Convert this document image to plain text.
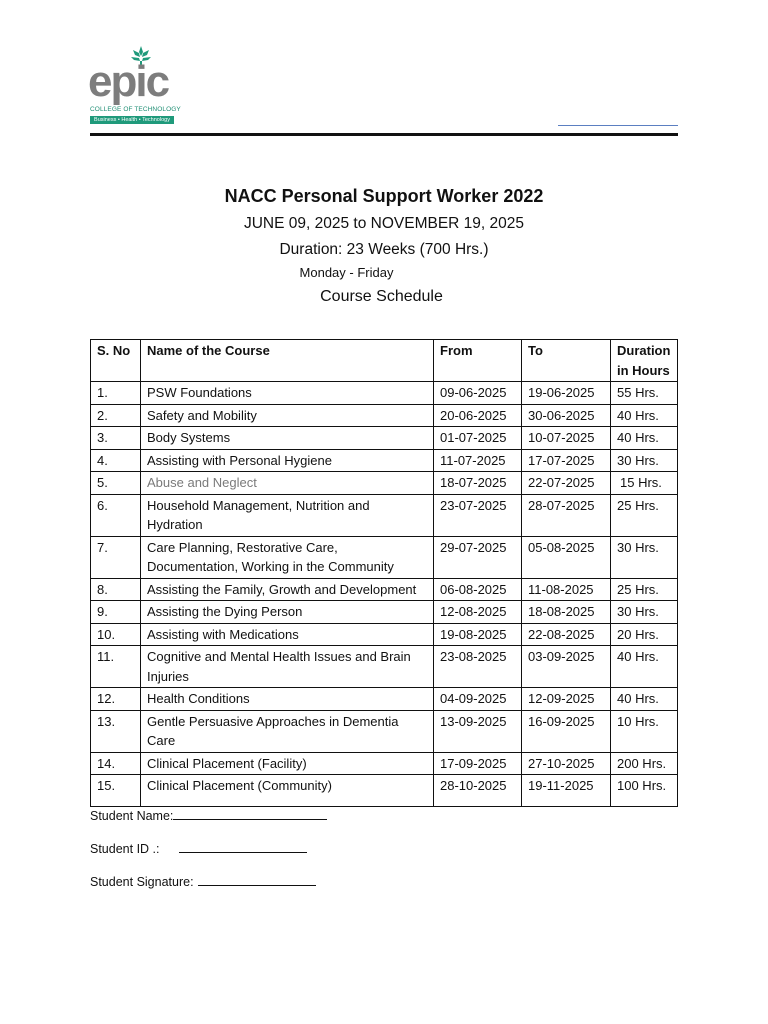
epic
COLLEGE OF TECHNOLOGY
Business • Health • Technology
NACC Personal Support Worker 2022
JUNE 09, 2025 to NOVEMBER 19, 2025
Duration: 23 Weeks (700 Hrs.)
Monday - Friday
Course Schedule
S. No	Name of the Course	From	To	Duration in Hours
1.	PSW Foundations	09-06-2025	19-06-2025	55 Hrs.
2.	Safety and Mobility	20-06-2025	30-06-2025	40 Hrs.
3.	Body Systems	01-07-2025	10-07-2025	40 Hrs.
4.	Assisting with Personal Hygiene	11-07-2025	17-07-2025	30 Hrs.
5.	Abuse and Neglect	18-07-2025	22-07-2025	15 Hrs.
6.	Household Management, Nutrition and Hydration	23-07-2025	28-07-2025	25 Hrs.
7.	Care Planning, Restorative Care, Documentation, Working in the Community	29-07-2025	05-08-2025	30 Hrs.
8.	Assisting the Family, Growth and Development	06-08-2025	11-08-2025	25 Hrs.
9.	Assisting the Dying Person	12-08-2025	18-08-2025	30 Hrs.
10.	Assisting with Medications	19-08-2025	22-08-2025	20 Hrs.
11.	Cognitive and Mental Health Issues and Brain Injuries	23-08-2025	03-09-2025	40 Hrs.
12.	Health Conditions	04-09-2025	12-09-2025	40 Hrs.
13.	Gentle Persuasive Approaches in Dementia Care	13-09-2025	16-09-2025	10 Hrs.
14.	Clinical Placement (Facility)	17-09-2025	27-10-2025	200 Hrs.
15.	Clinical Placement (Community)	28-10-2025	19-11-2025	100 Hrs.
Student Name:
Student ID .:
Student Signature:
